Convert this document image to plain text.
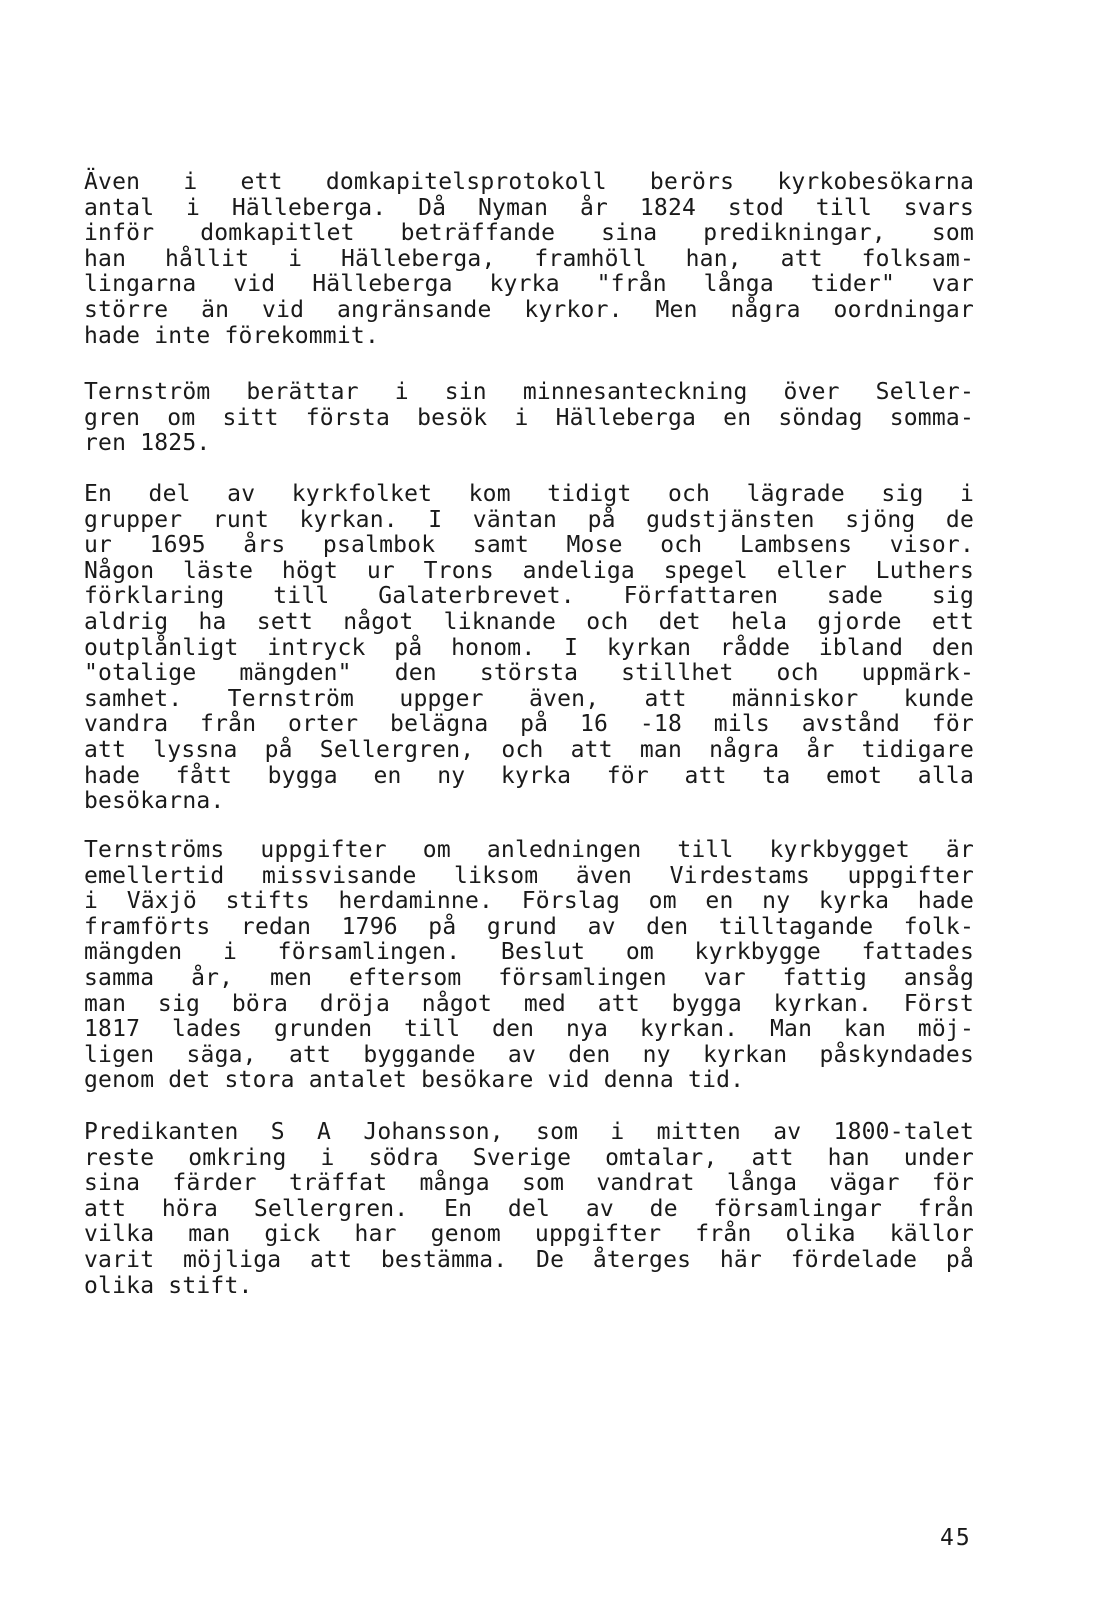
Även i ett domkapitelsprotokoll berörs kyrkobesökarna
antal i Hälleberga. Då Nyman år 1824 stod till svars
inför domkapitlet beträffande sina predikningar, som
han hållit i Hälleberga, framhöll han, att folksam-
lingarna vid Hälleberga kyrka "från långa tider" var
större än vid angränsande kyrkor. Men några oordningar
hade inte förekommit.
Ternström berättar i sin minnesanteckning över Seller-
gren om sitt första besök i Hälleberga en söndag somma-
ren 1825.
En del av kyrkfolket kom tidigt och lägrade sig i
grupper runt kyrkan. I väntan på gudstjänsten sjöng de
ur 1695 års psalmbok samt Mose och Lambsens visor.
Någon läste högt ur Trons andeliga spegel eller Luthers
förklaring till Galaterbrevet. Författaren sade sig
aldrig ha sett något liknande och det hela gjorde ett
outplånligt intryck på honom. I kyrkan rådde ibland den
"otalige mängden" den största stillhet och uppmärk-
samhet. Ternström uppger även, att människor kunde
vandra från orter belägna på 16 -18 mils avstånd för
att lyssna på Sellergren, och att man några år tidigare
hade fått bygga en ny kyrka för att ta emot alla
besökarna.
Ternströms uppgifter om anledningen till kyrkbygget är
emellertid missvisande liksom även Virdestams uppgifter
i Växjö stifts herdaminne. Förslag om en ny kyrka hade
framförts redan 1796 på grund av den tilltagande folk-
mängden i församlingen. Beslut om kyrkbygge fattades
samma år, men eftersom församlingen var fattig ansåg
man sig böra dröja något med att bygga kyrkan. Först
1817 lades grunden till den nya kyrkan. Man kan möj-
ligen säga, att byggande av den ny kyrkan påskyndades
genom det stora antalet besökare vid denna tid.
Predikanten S A Johansson, som i mitten av 1800-talet
reste omkring i södra Sverige omtalar, att han under
sina färder träffat många som vandrat långa vägar för
att höra Sellergren. En del av de församlingar från
vilka man gick har genom uppgifter från olika källor
varit möjliga att bestämma. De återges här fördelade på
olika stift.
45
